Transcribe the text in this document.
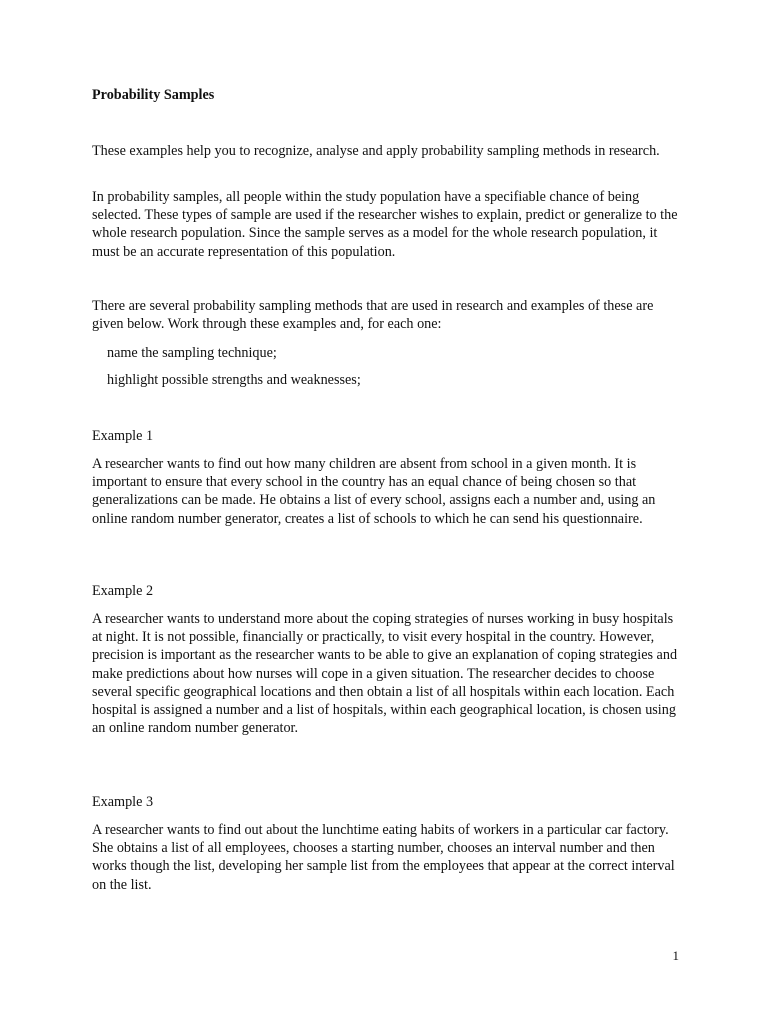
Probability Samples

These examples help you to recognize, analyse and apply probability sampling methods in research.

In probability samples, all people within the study population have a specifiable chance of being selected. These types of sample are used if the researcher wishes to explain, predict or generalize to the whole research population. Since the sample serves as a model for the whole research population, it must be an accurate representation of this population.

There are several probability sampling methods that are used in research and examples of these are given below. Work through these examples and, for each one:

name the sampling technique;

highlight possible strengths and weaknesses;

Example 1

A researcher wants to find out how many children are absent from school in a given month. It is important to ensure that every school in the country has an equal chance of being chosen so that generalizations can be made. He obtains a list of every school, assigns each a number and, using an online random number generator, creates a list of schools to which he can send his questionnaire.

Example 2

A researcher wants to understand more about the coping strategies of nurses working in busy hospitals at night. It is not possible, financially or practically, to visit every hospital in the country. However, precision is important as the researcher wants to be able to give an explanation of coping strategies and make predictions about how nurses will cope in a given situation. The researcher decides to choose several specific geographical locations and then obtain a list of all hospitals within each location. Each hospital is assigned a number and a list of hospitals, within each geographical location, is chosen using an online random number generator.

Example 3

A researcher wants to find out about the lunchtime eating habits of workers in a particular car factory. She obtains a list of all employees, chooses a starting number, chooses an interval number and then works though the list, developing her sample list from the employees that appear at the correct interval on the list.

1
